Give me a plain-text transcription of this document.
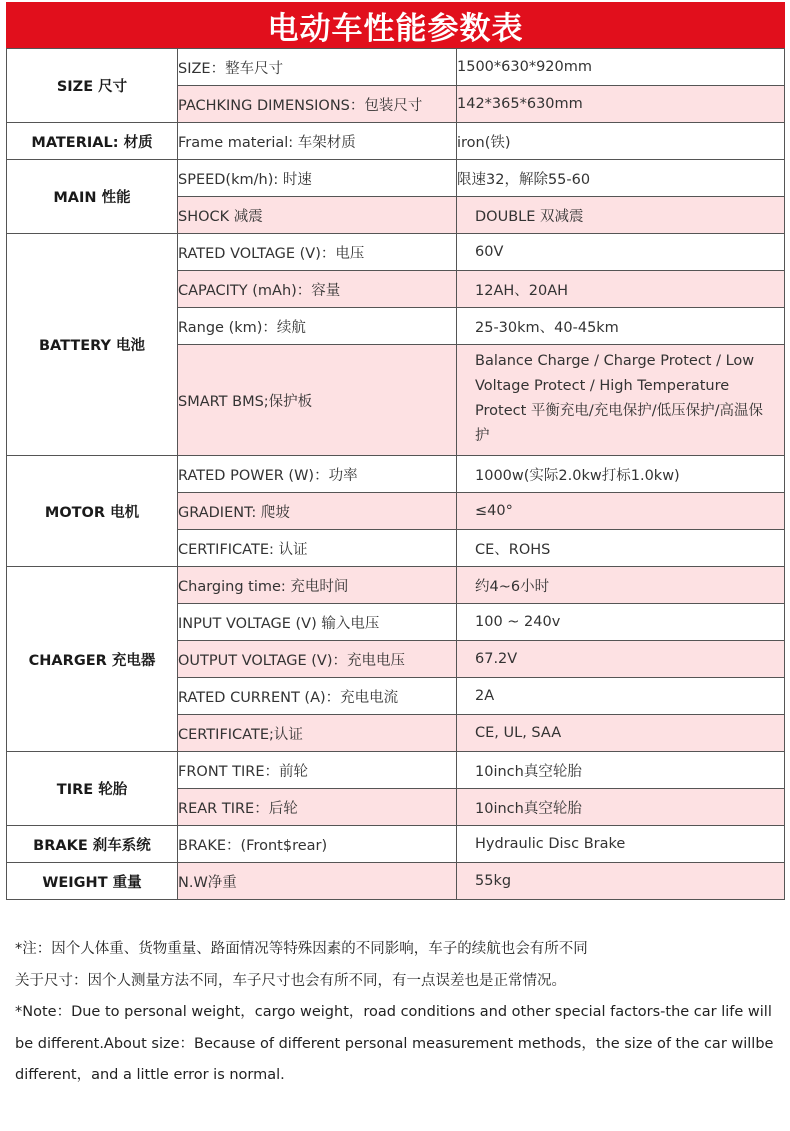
电动车性能参数表
SIZE 尺寸	SIZE：整车尺寸	1500*630*920mm
	PACHKING DIMENSIONS：包装尺寸	142*365*630mm
MATERIAL: 材质	Frame material: 车架材质	iron(铁)
MAIN 性能	SPEED(km/h): 时速	限速32，解除55-60
	SHOCK 减震	DOUBLE 双减震
BATTERY 电池	RATED VOLTAGE (V)：电压	60V
	CAPACITY (mAh)：容量	12AH、20AH
	Range (km)：续航	25-30km、40-45km
	SMART BMS;保护板	Balance Charge / Charge Protect / Low Voltage Protect / High Temperature Protect 平衡充电/充电保护/低压保护/高温保护

MOTOR 电机	RATED POWER (W)：功率	1000w(实际2.0kw打标1.0kw)
	GRADIENT: 爬坡	≤40°
	CERTIFICATE: 认证	CE、ROHS
CHARGER 充电器	Charging time: 充电时间	约4~6小时
	INPUT VOLTAGE (V) 输入电压	100 ~ 240v
	OUTPUT VOLTAGE (V)：充电电压	67.2V
	RATED CURRENT (A)：充电电流	2A
	CERTIFICATE;认证	CE, UL, SAA
TIRE 轮胎	FRONT TIRE：前轮	10inch真空轮胎
	REAR TIRE：后轮	10inch真空轮胎
BRAKE 刹车系统	BRAKE：(Front$rear)	Hydraulic Disc Brake
WEIGHT 重量	N.W净重	55kg

*注：因个人体重、货物重量、路面情况等特殊因素的不同影响，车子的续航也会有所不同

关于尺寸：因个人测量方法不同，车子尺寸也会有所不同，有一点误差也是正常情况。

*Note：Due to personal weight，cargo weight，road conditions and other special factors-the car life will be different.About size：Because of different personal measurement methods，the size of the car willbe different，and a little error is normal.
